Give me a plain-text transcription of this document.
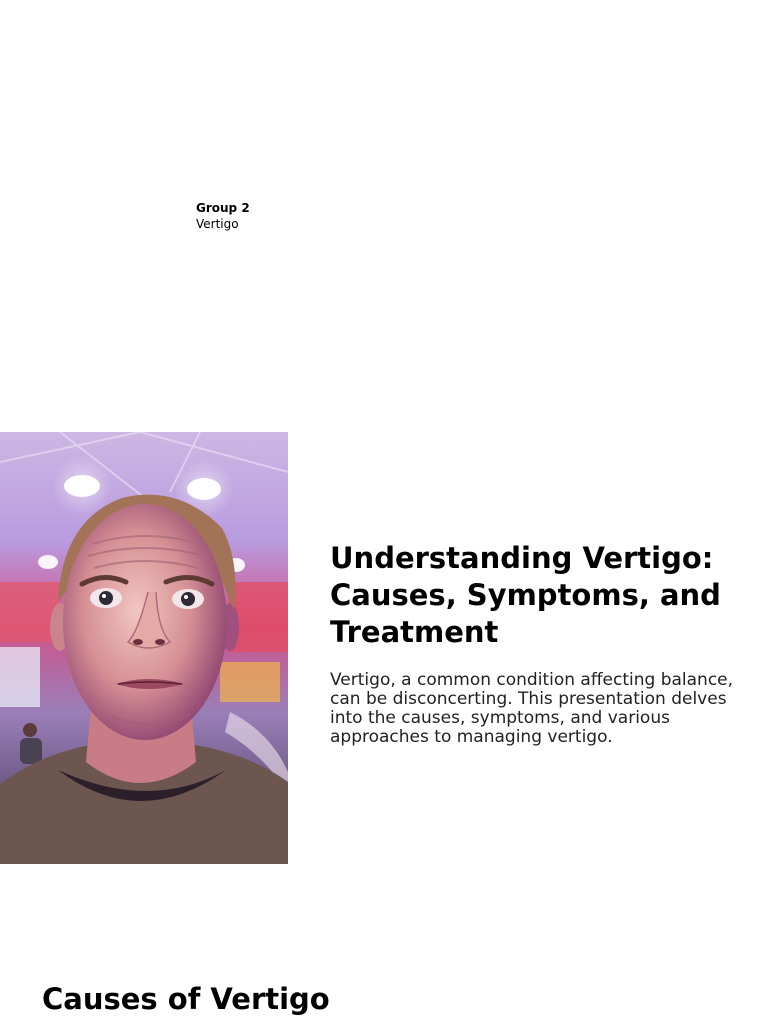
Group 2
Vertigo
Understanding Vertigo: Causes, Symptoms, and Treatment

Vertigo, a common condition affecting balance, can be disconcerting. This presentation delves into the causes, symptoms, and various approaches to managing vertigo.

Causes of Vertigo
